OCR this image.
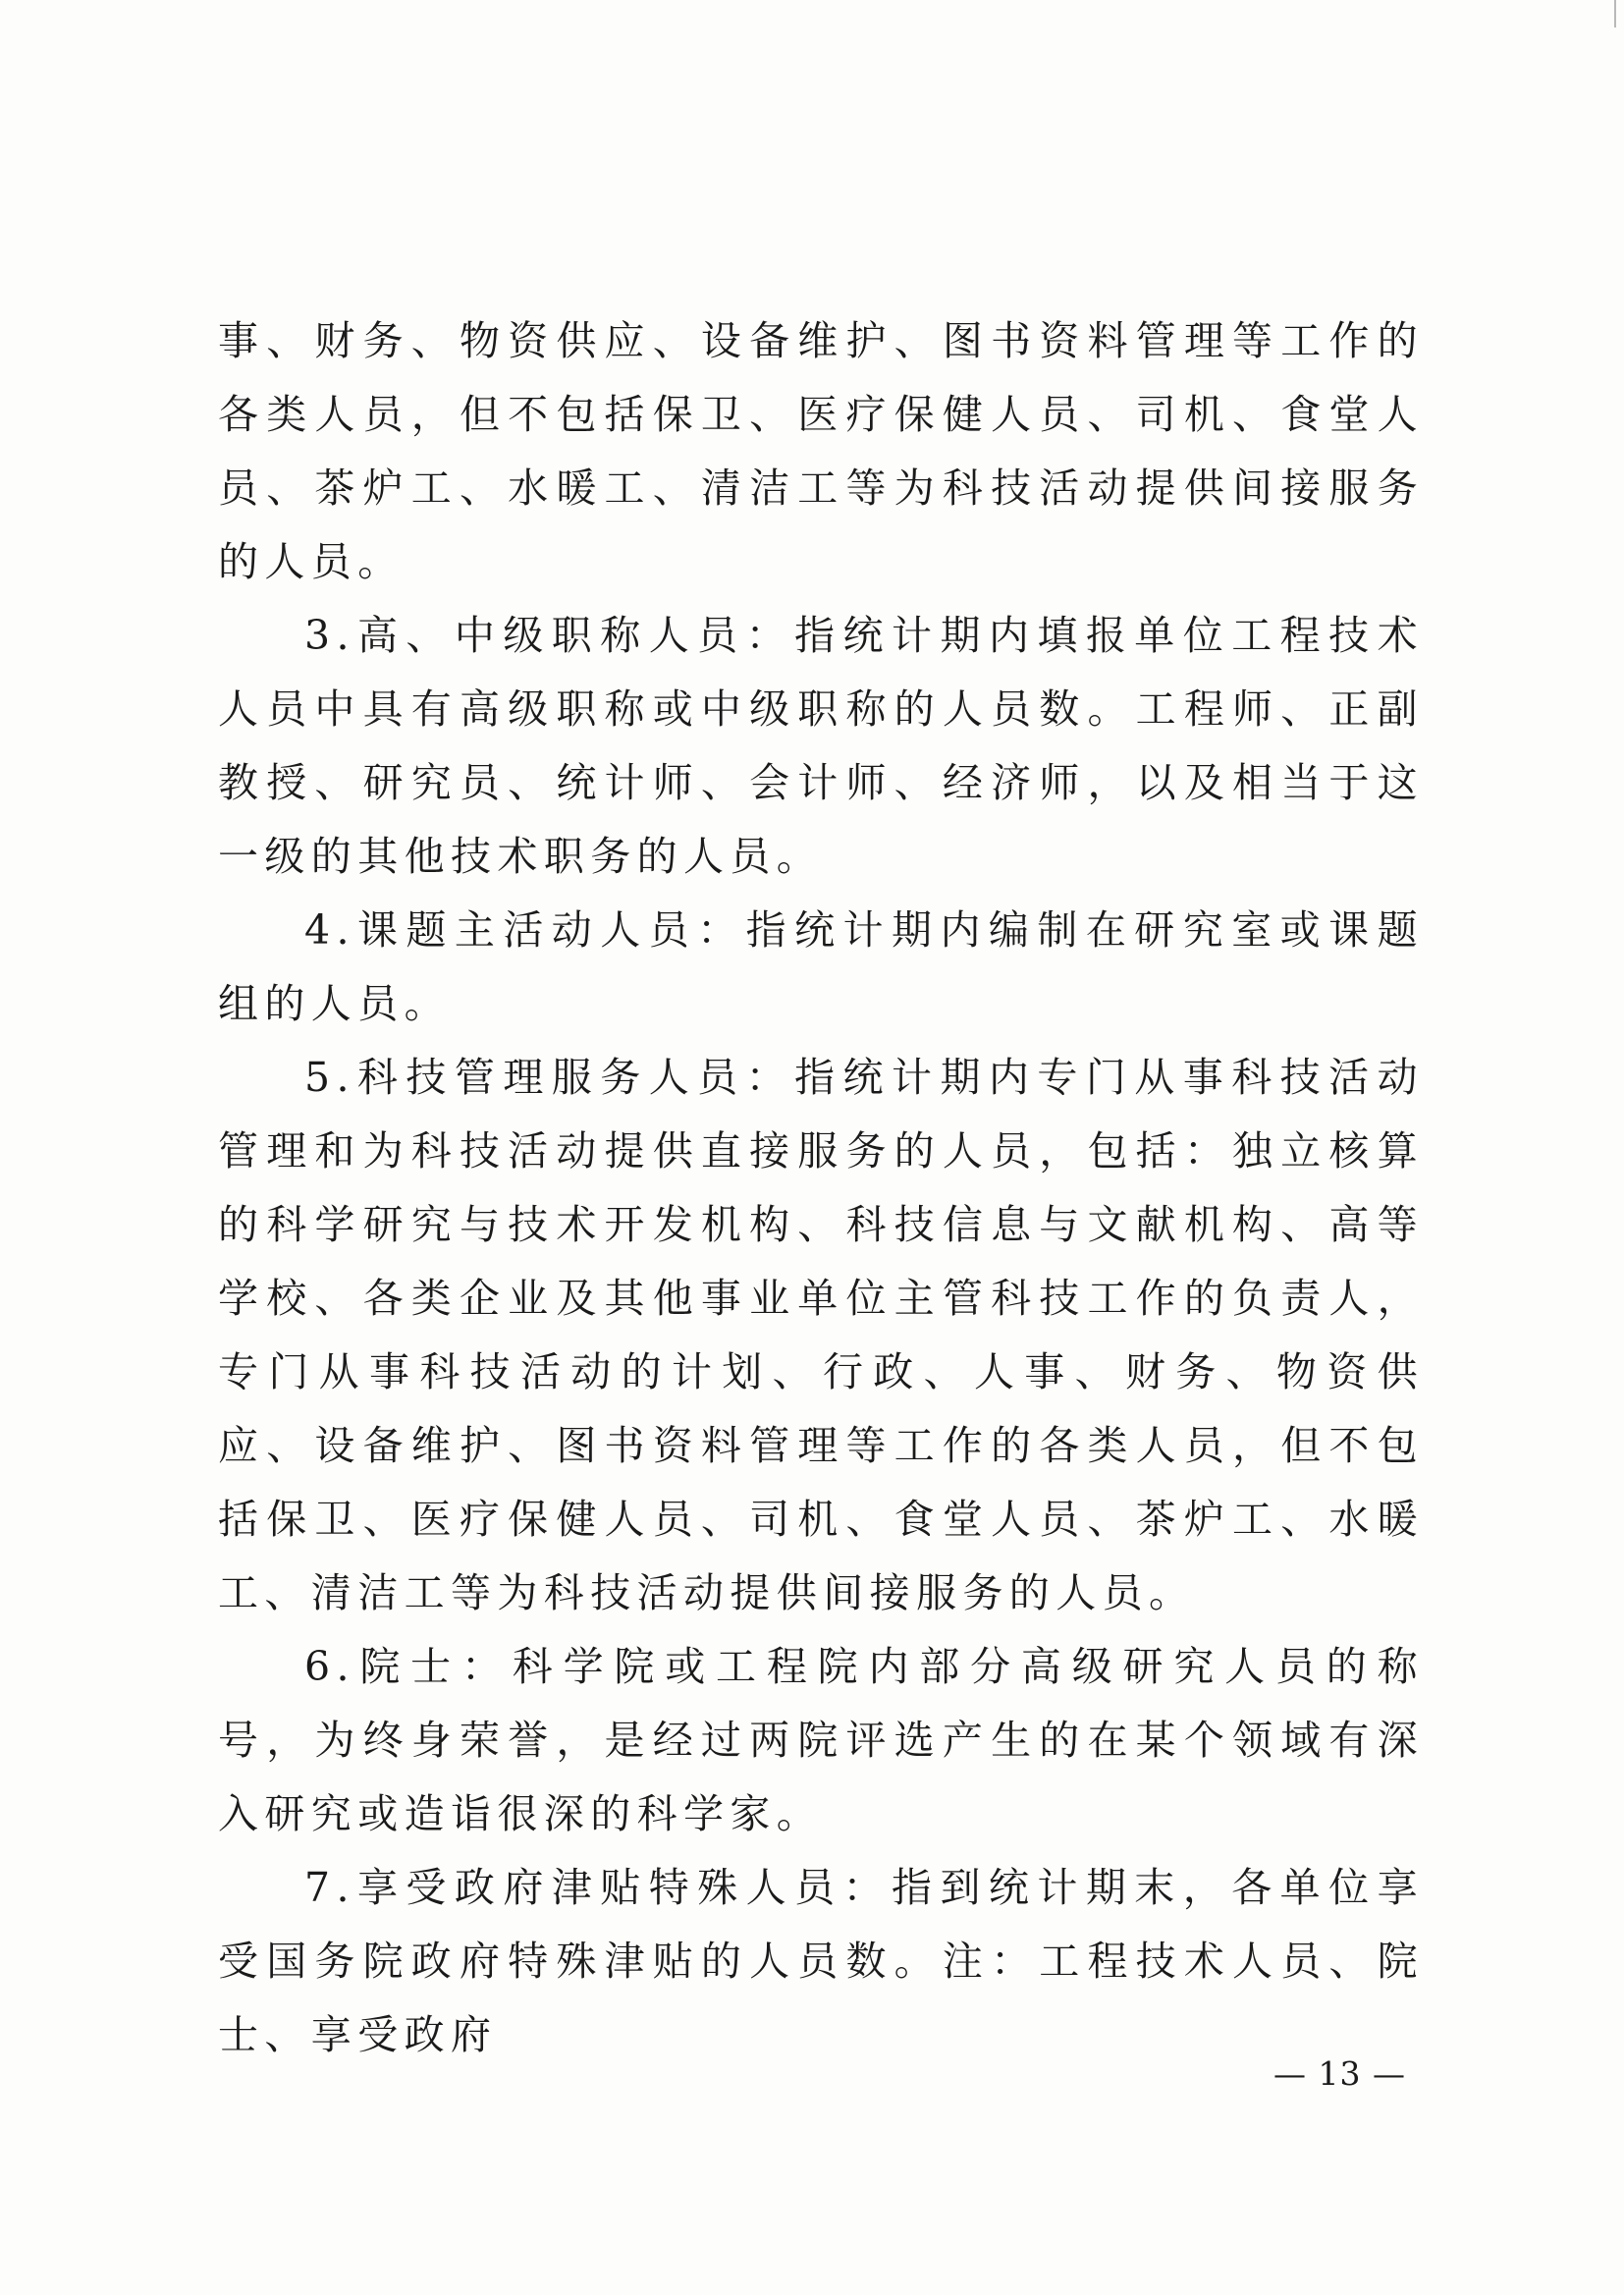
事、财务、物资供应、设备维护、图书资料管理等工作的各类人员，但不包括保卫、医疗保健人员、司机、食堂人员、茶炉工、水暖工、清洁工等为科技活动提供间接服务的人员。

3.高、中级职称人员：指统计期内填报单位工程技术人员中具有高级职称或中级职称的人员数。工程师、正副教授、研究员、统计师、会计师、经济师，以及相当于这一级的其他技术职务的人员。

4.课题主活动人员：指统计期内编制在研究室或课题组的人员。

5.科技管理服务人员：指统计期内专门从事科技活动管理和为科技活动提供直接服务的人员，包括：独立核算的科学研究与技术开发机构、科技信息与文献机构、高等学校、各类企业及其他事业单位主管科技工作的负责人，专门从事科技活动的计划、行政、人事、财务、物资供应、设备维护、图书资料管理等工作的各类人员，但不包括保卫、医疗保健人员、司机、食堂人员、茶炉工、水暖工、清洁工等为科技活动提供间接服务的人员。

6.院士：科学院或工程院内部分高级研究人员的称号，为终身荣誉，是经过两院评选产生的在某个领域有深入研究或造诣很深的科学家。

7.享受政府津贴特殊人员：指到统计期末，各单位享受国务院政府特殊津贴的人员数。注：工程技术人员、院士、享受政府

— 13 —
